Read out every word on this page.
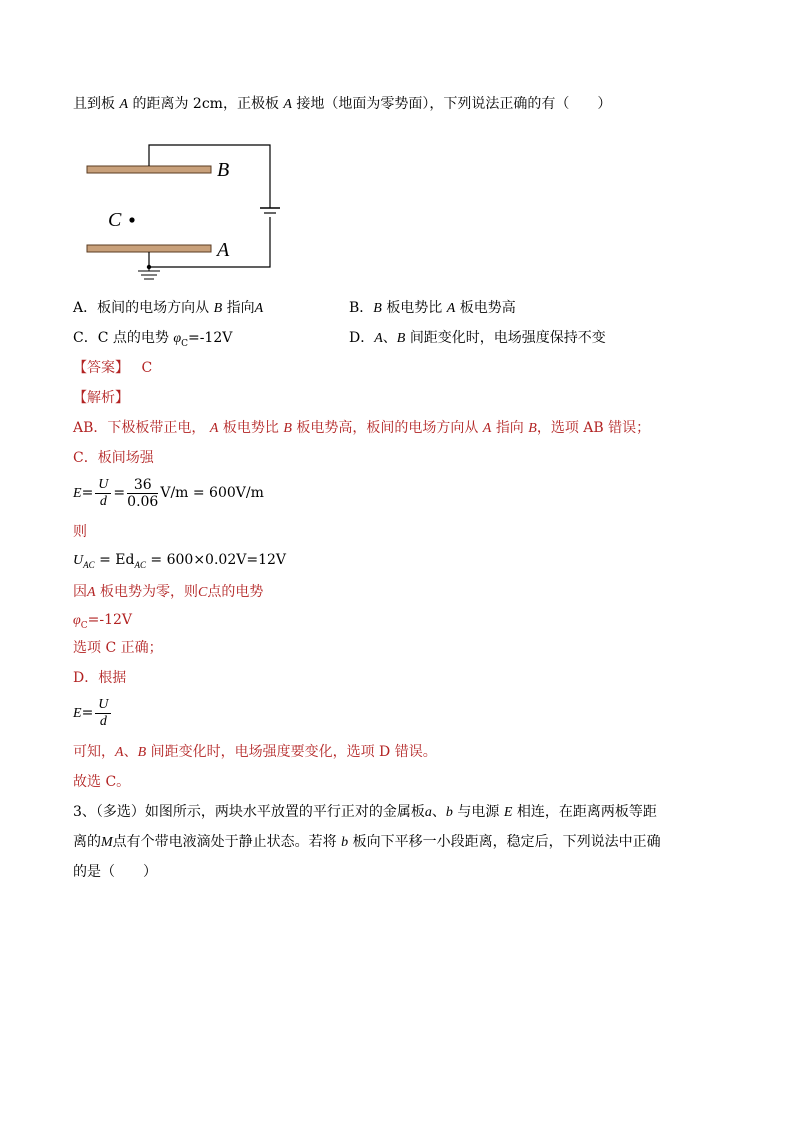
且到板 A 的距离为 2cm，正极板 A 接地（地面为零势面），下列说法正确的有（　　）
C
B
A
A．板间的电场方向从 B 指向A	B．B 板电势比 A 板电势高
C．C 点的电势 $\varphi_C=-12V$	D．A、B 间距变化时，电场强度保持不变
【答案】 C
【解析】
AB．下极板带正电， A 板电势比 B 板电势高，板间的电场方向从 A 指向 B，选项 AB 错误；
C．板间场强
$E= \frac{U}{d} = \frac{36}{0.06} V/m = 600V/m$
则
$U_{AC} = Ed_{AC} = 600\times 0.02V=12V$
因A 板电势为零，则C点的电势
$\varphi_C=-12V$
选项 C 正确；
D．根据
$E= \frac{U}{d}$
可知，A、B 间距变化时，电场强度要变化，选项 D 错误。
故选 C。
3、（多选）如图所示，两块水平放置的平行正对的金属板a、b 与电源 E 相连，在距离两板等距
离的M点有个带电液滴处于静止状态。若将 b 板向下平移一小段距离，稳定后，下列说法中正确
的是（　　）
